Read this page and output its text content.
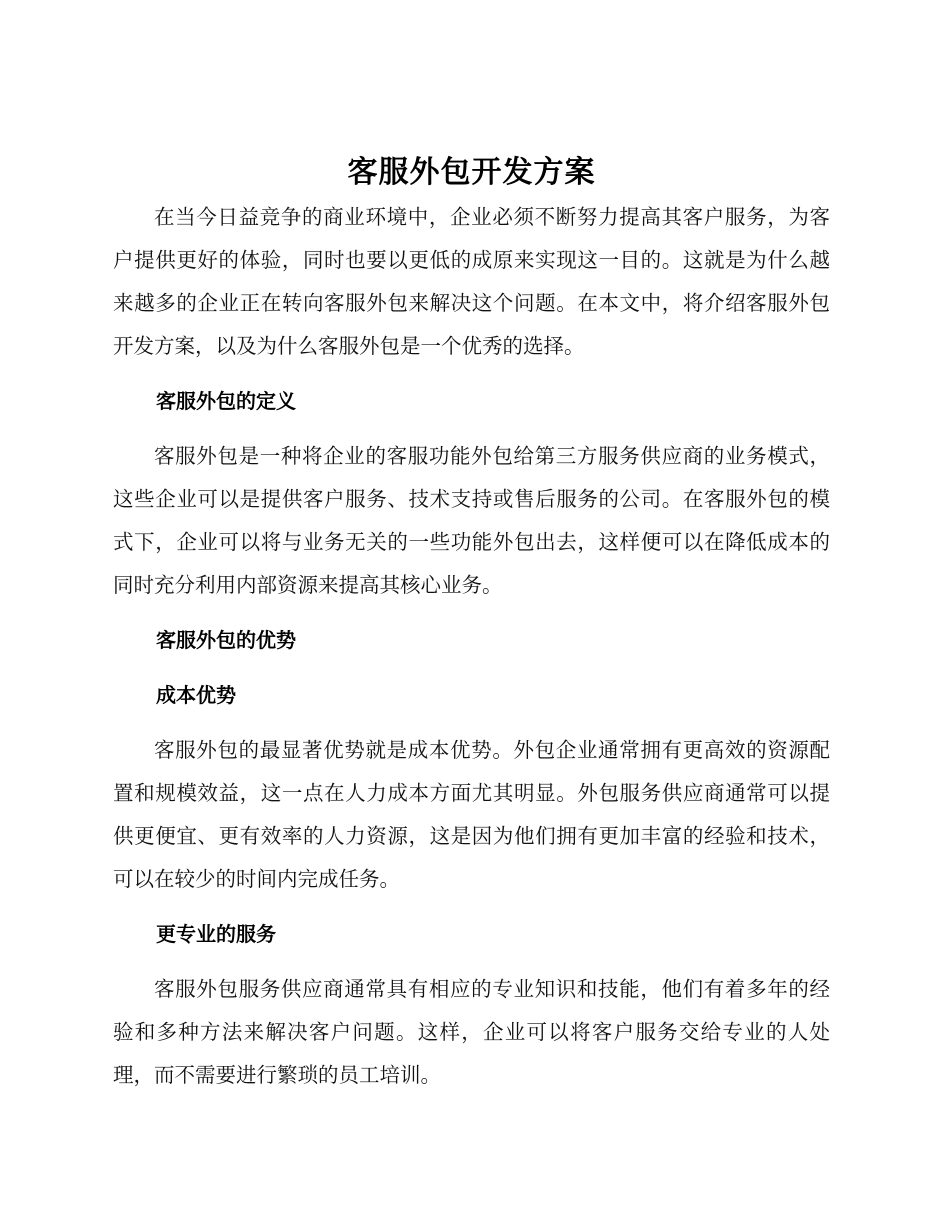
客服外包开发方案

在当今日益竞争的商业环境中，企业必须不断努力提高其客户服务，为客户提供更好的体验，同时也要以更低的成原来实现这一目的。这就是为什么越来越多的企业正在转向客服外包来解决这个问题。在本文中，将介绍客服外包开发方案，以及为什么客服外包是一个优秀的选择。

客服外包的定义

客服外包是一种将企业的客服功能外包给第三方服务供应商的业务模式，这些企业可以是提供客户服务、技术支持或售后服务的公司。在客服外包的模式下，企业可以将与业务无关的一些功能外包出去，这样便可以在降低成本的同时充分利用内部资源来提高其核心业务。

客服外包的优势
成本优势

客服外包的最显著优势就是成本优势。外包企业通常拥有更高效的资源配置和规模效益，这一点在人力成本方面尤其明显。外包服务供应商通常可以提供更便宜、更有效率的人力资源，这是因为他们拥有更加丰富的经验和技术，可以在较少的时间内完成任务。

更专业的服务

客服外包服务供应商通常具有相应的专业知识和技能，他们有着多年的经验和多种方法来解决客户问题。这样，企业可以将客户服务交给专业的人处理，而不需要进行繁琐的员工培训。
